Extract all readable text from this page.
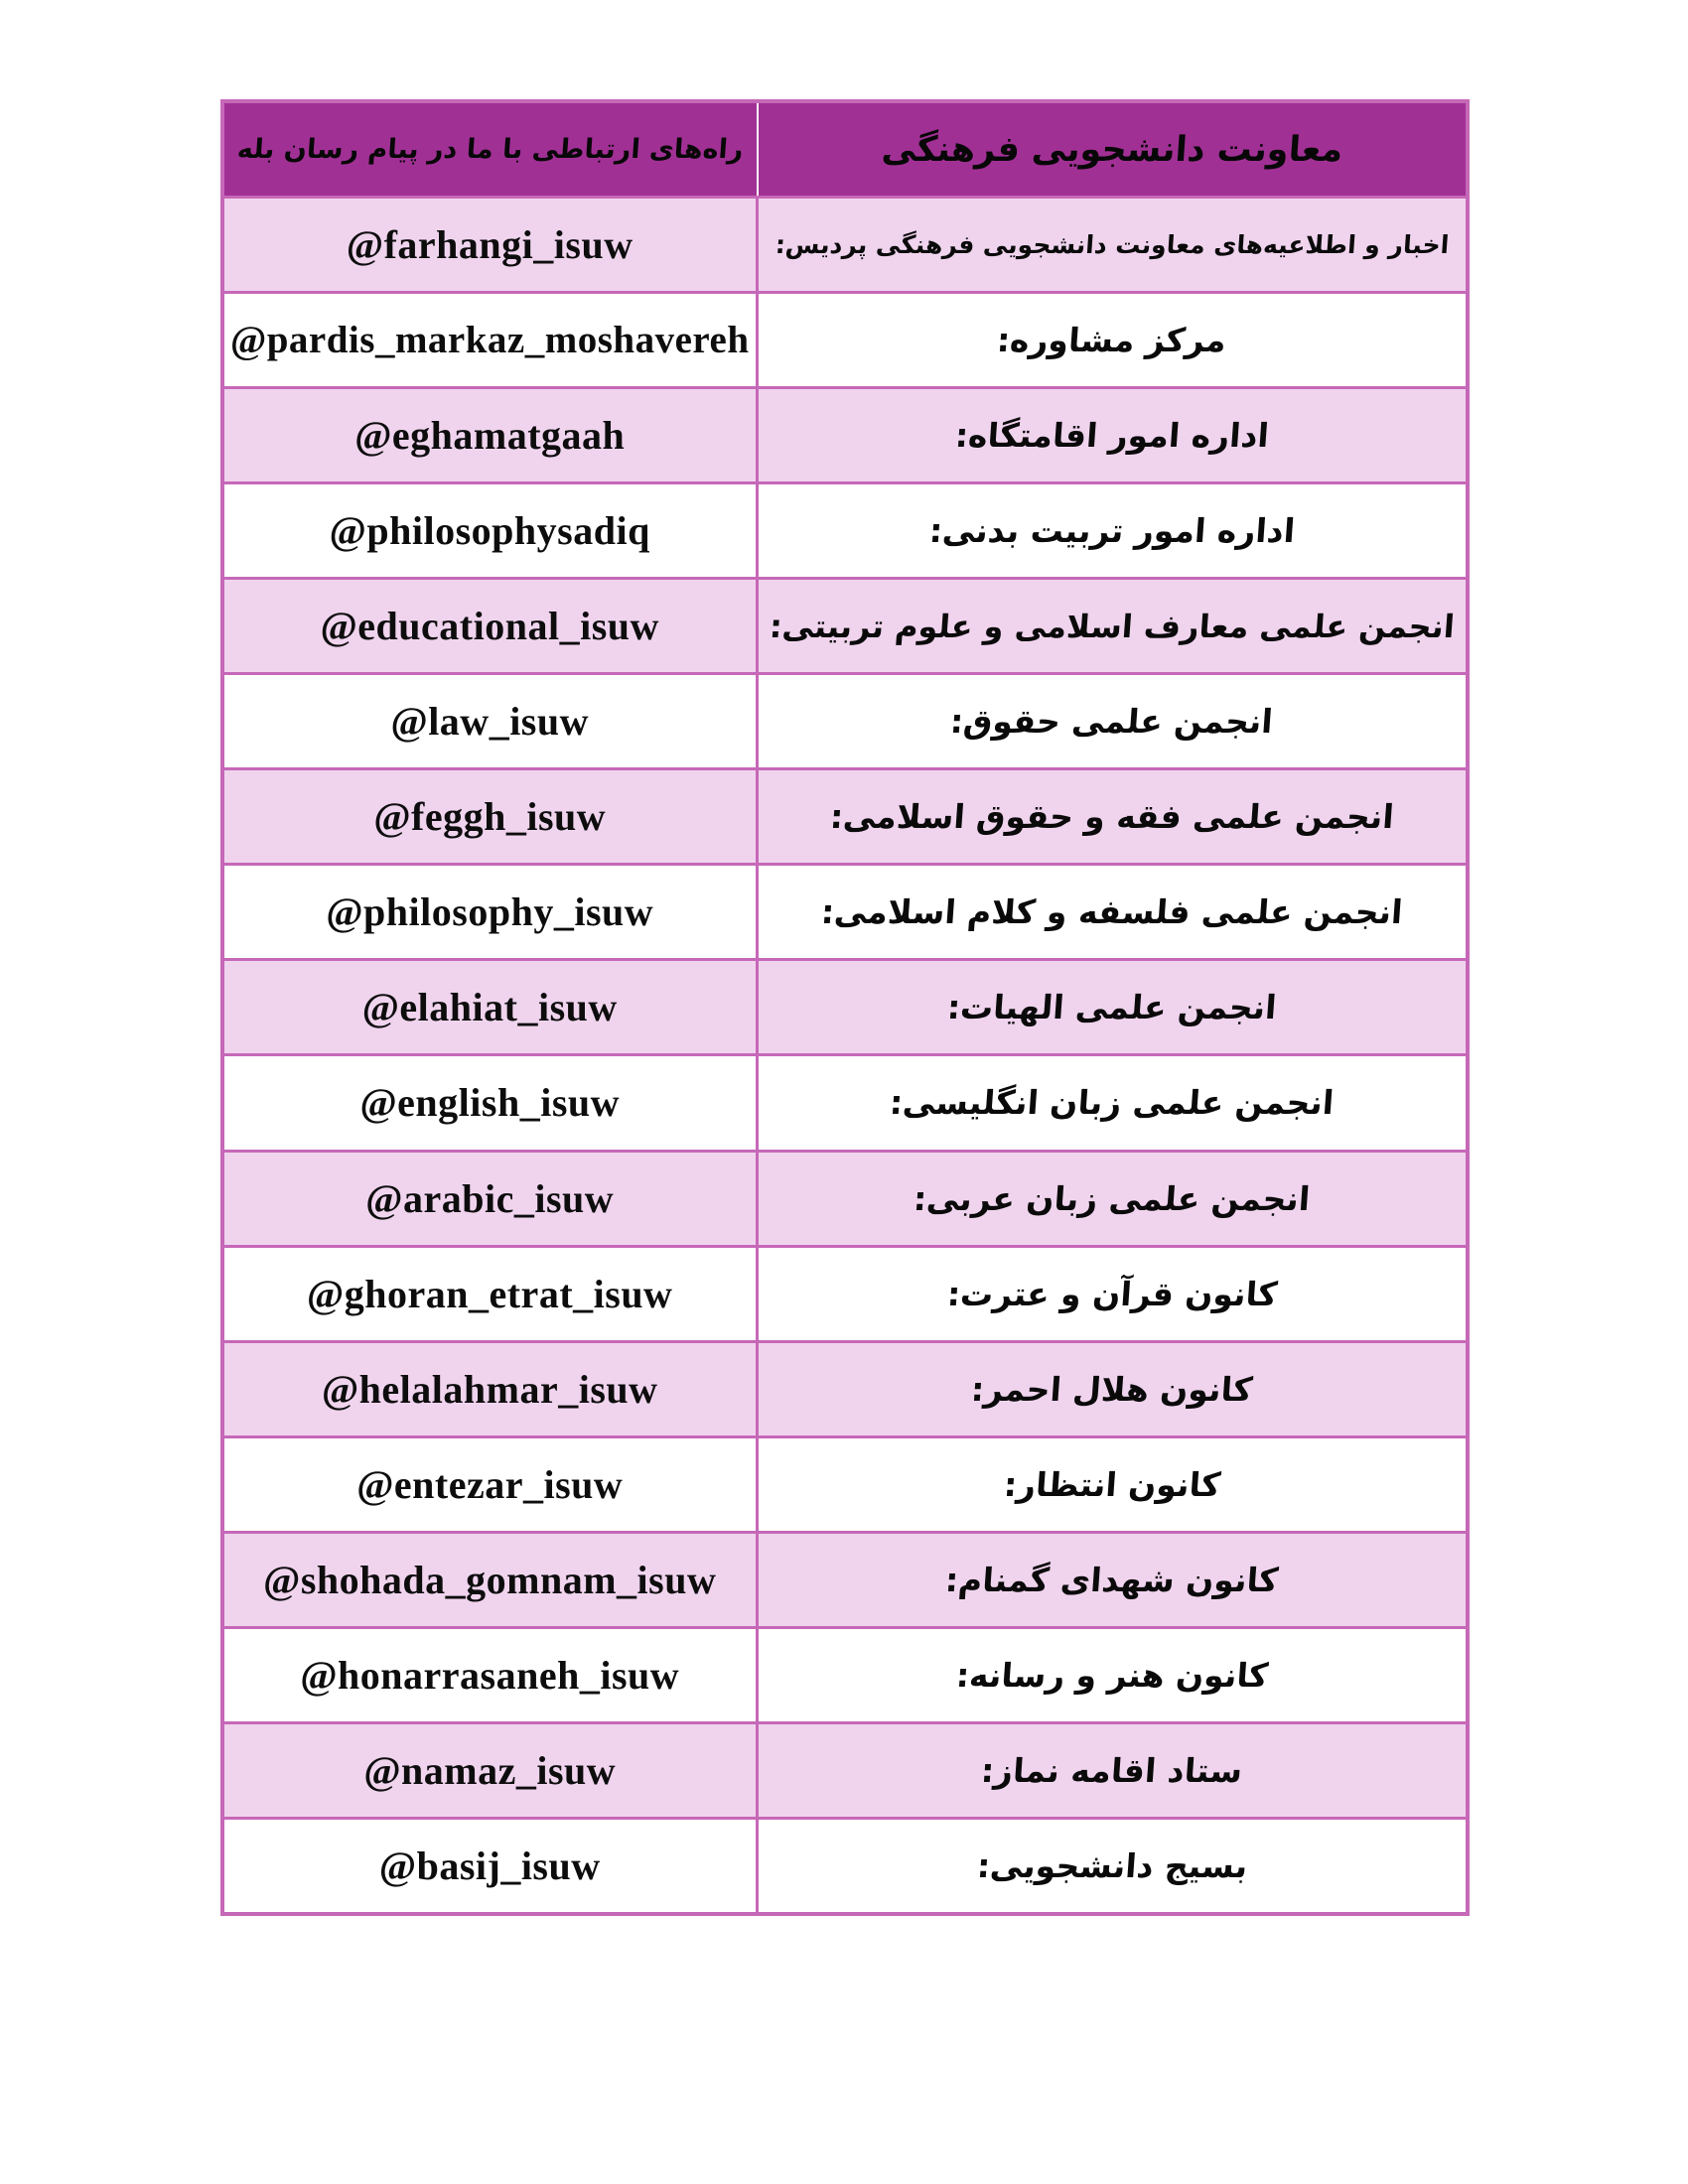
راه‌های ارتباطی با ما در پیام رسان بله	معاونت دانشجویی فرهنگی
@farhangi_isuw	اخبار و اطلاعیه‌های معاونت دانشجویی فرهنگی پردیس:
@pardis_markaz_moshavereh	مرکز مشاوره:
@eghamatgaah	اداره امور اقامتگاه:
@philosophysadiq	اداره امور تربیت بدنی:
@educational_isuw	انجمن علمی معارف اسلامی و علوم تربیتی:
@law_isuw	انجمن علمی حقوق:
@feggh_isuw	انجمن علمی فقه و حقوق اسلامی:
@philosophy_isuw	انجمن علمی فلسفه و کلام اسلامی:
@elahiat_isuw	انجمن علمی الهیات:
@english_isuw	انجمن علمی زبان انگلیسی:
@arabic_isuw	انجمن علمی زبان عربی:
@ghoran_etrat_isuw	کانون قرآن و عترت:
@helalahmar_isuw	کانون هلال احمر:
@entezar_isuw	کانون انتظار:
@shohada_gomnam_isuw	کانون شهدای گمنام:
@honarrasaneh_isuw	کانون هنر و رسانه:
@namaz_isuw	ستاد اقامه نماز:
@basij_isuw	بسیج دانشجویی:
